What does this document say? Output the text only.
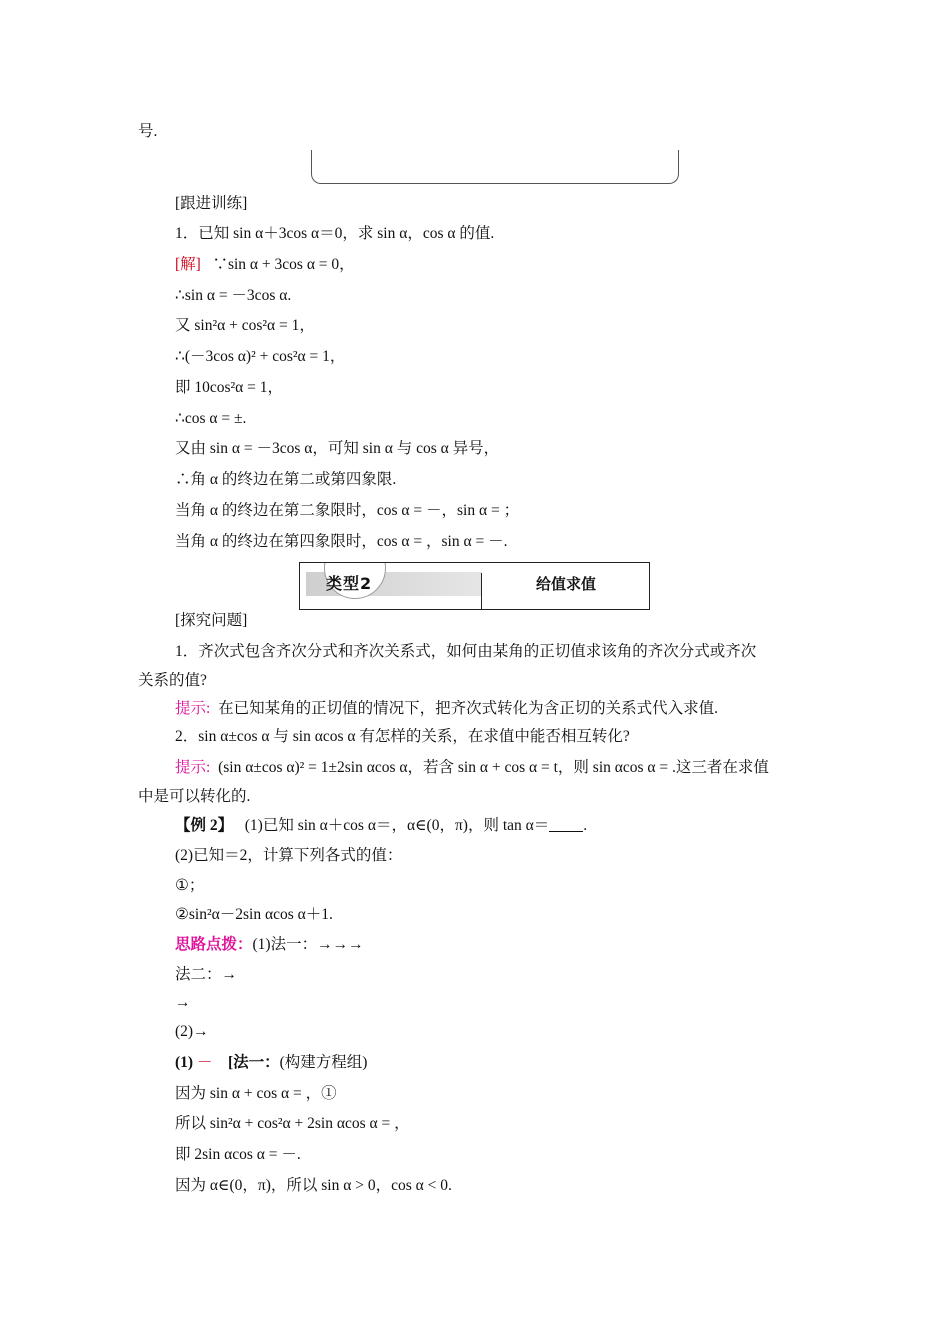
号.
[跟进训练]
1．已知 sin α＋3cos α＝0，求 sin α，cos α 的值.
[解] ∵sin α + 3cos α = 0，
∴sin α = －3cos α.
又 sin²α + cos²α = 1，
∴(－3cos α)² + cos²α = 1，
即 10cos²α = 1，
∴cos α = ±.
又由 sin α = －3cos α，可知 sin α 与 cos α 异号，
∴角 α 的终边在第二或第四象限.
当角 α 的终边在第二象限时，cos α = －，sin α = ；
当角 α 的终边在第四象限时，cos α = ，sin α = －.
类型2	给值求值
[探究问题]
1．齐次式包含齐次分式和齐次关系式，如何由某角的正切值求该角的齐次分式或齐次
关系的值?
提示: 在已知某角的正切值的情况下，把齐次式转化为含正切的关系式代入求值.
2．sin α±cos α 与 sin αcos α 有怎样的关系，在求值中能否相互转化?
提示: (sin α±cos α)² = 1±2sin αcos α，若含 sin α + cos α = t，则 sin αcos α = .这三者在求值
中是可以转化的.
【例 2】 (1)已知 sin α＋cos α＝，α∈(0，π)，则 tan α＝ .
(2)已知＝2，计算下列各式的值：
①；
②sin²α－2sin αcos α＋1.
思路点拨：(1)法一：→→→
法二：→
→
(2)→
(1) － [法一：(构建方程组)
因为 sin α + cos α = ，①
所以 sin²α + cos²α + 2sin αcos α = ，
即 2sin αcos α = －.
因为 α∈(0，π)，所以 sin α > 0，cos α < 0.
